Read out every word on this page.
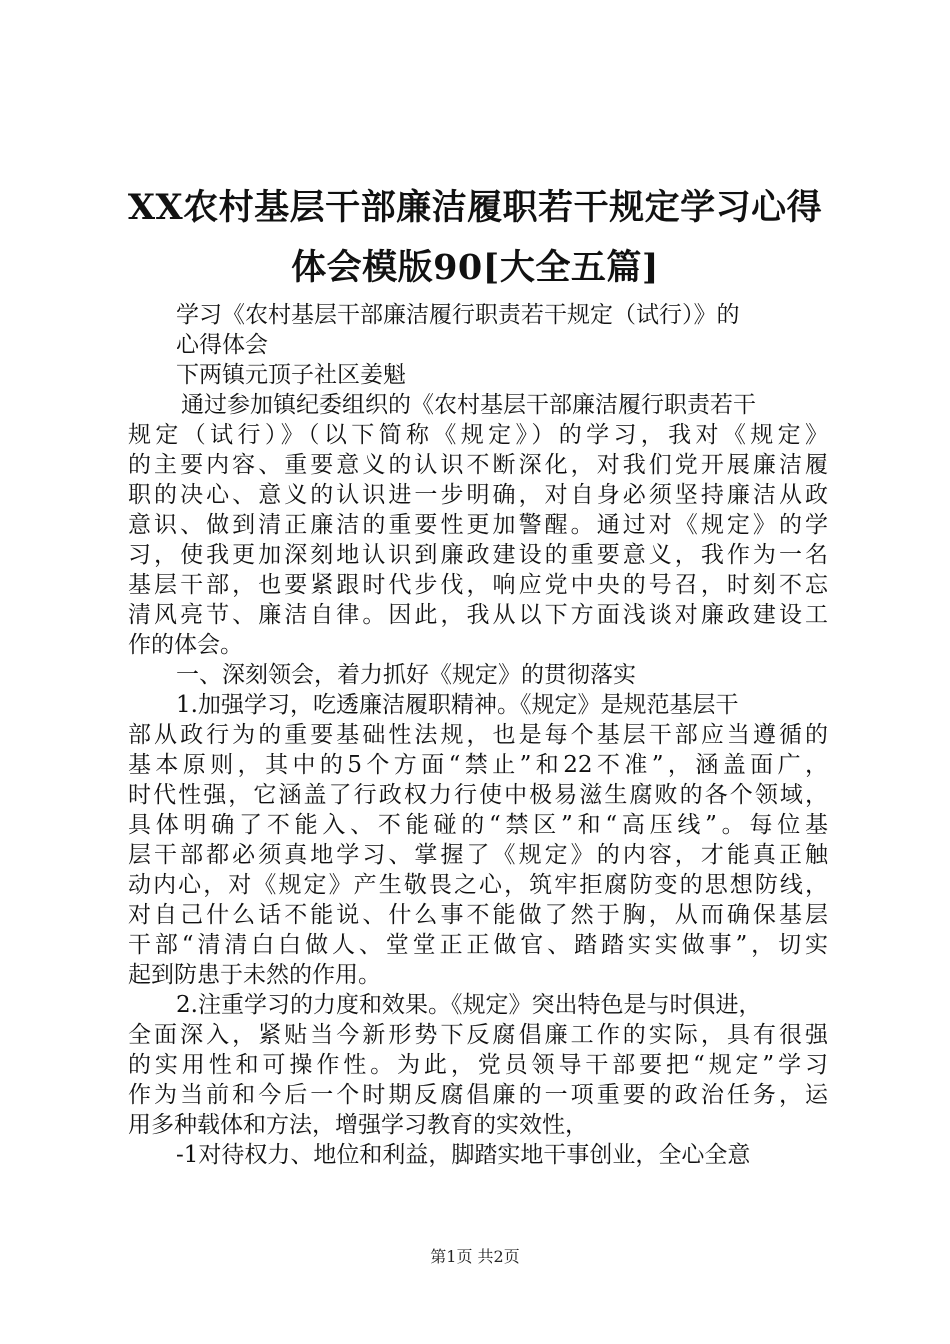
XX农村基层干部廉洁履职若干规定学习心得
体会模版90[大全五篇]

学习《农村基层干部廉洁履行职责若干规定（试行）》的

心得体会

下两镇元顶子社区姜魁

通过参加镇纪委组织的《农村基层干部廉洁履行职责若干

规定（试行）》（以下简称《规定》）的学习，我对《规定》

的主要内容、重要意义的认识不断深化，对我们党开展廉洁履

职的决心、意义的认识进一步明确，对自身必须坚持廉洁从政

意识、做到清正廉洁的重要性更加警醒。通过对《规定》的学

习，使我更加深刻地认识到廉政建设的重要意义，我作为一名

基层干部，也要紧跟时代步伐，响应党中央的号召，时刻不忘

清风亮节、廉洁自律。因此，我从以下方面浅谈对廉政建设工

作的体会。

一、深刻领会，着力抓好《规定》的贯彻落实

1.加强学习，吃透廉洁履职精神。《规定》是规范基层干

部从政行为的重要基础性法规，也是每个基层干部应当遵循的

基本原则，其中的5个方面“禁止”和22不准”，涵盖面广，

时代性强，它涵盖了行政权力行使中极易滋生腐败的各个领域，

具体明确了不能入、不能碰的“禁区”和“高压线”。每位基

层干部都必须真地学习、掌握了《规定》的内容，才能真正触

动内心，对《规定》产生敬畏之心，筑牢拒腐防变的思想防线，

对自己什么话不能说、什么事不能做了然于胸，从而确保基层

干部“清清白白做人、堂堂正正做官、踏踏实实做事”，切实

起到防患于未然的作用。

2.注重学习的力度和效果。《规定》突出特色是与时俱进，

全面深入，紧贴当今新形势下反腐倡廉工作的实际，具有很强

的实用性和可操作性。为此，党员领导干部要把“规定”学习

作为当前和今后一个时期反腐倡廉的一项重要的政治任务，运

用多种载体和方法，增强学习教育的实效性，

-1对待权力、地位和利益，脚踏实地干事创业，全心全意

第1页 共2页
